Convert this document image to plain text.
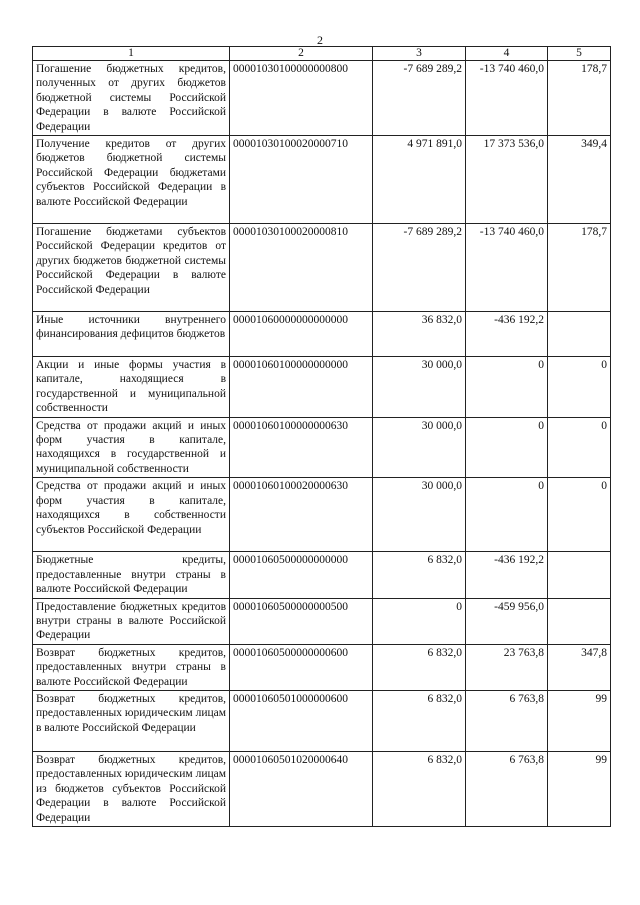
2
1	2	3	4	5
Погашение бюджетных кредитов, полученных от других бюджетов бюджетной системы Российской Федерации в валюте Российской Федерации	00001030100000000800	-7 689 289,2	-13 740 460,0	178,7
Получение кредитов от других бюджетов бюджетной системы Российской Федерации бюджетами субъектов Российской Федерации в валюте Российской Федерации	00001030100020000710	4 971 891,0	17 373 536,0	349,4
Погашение бюджетами субъектов Российской Федерации кредитов от других бюджетов бюджетной системы Российской Федерации в валюте Российской Федерации	00001030100020000810	-7 689 289,2	-13 740 460,0	178,7
Иные источники внутреннего финансирования дефицитов бюджетов	00001060000000000000	36 832,0	-436 192,2	
Акции и иные формы участия в капитале, находящиеся в государственной и муниципальной собственности	00001060100000000000	30 000,0	0	0
Средства от продажи акций и иных форм участия в капитале, находящихся в государственной и муниципальной собственности	00001060100000000630	30 000,0	0	0
Средства от продажи акций и иных форм участия в капитале, находящихся в собственности субъектов Российской Федерации	00001060100020000630	30 000,0	0	0
Бюджетные кредиты, предоставленные внутри страны в валюте Российской Федерации	00001060500000000000	6 832,0	-436 192,2	
Предоставление бюджетных кредитов внутри страны в валюте Российской Федерации	00001060500000000500	0	-459 956,0	
Возврат бюджетных кредитов, предоставленных внутри страны в валюте Российской Федерации	00001060500000000600	6 832,0	23 763,8	347,8
Возврат бюджетных кредитов, предоставленных юридическим лицам в валюте Российской Федерации	00001060501000000600	6 832,0	6 763,8	99
Возврат бюджетных кредитов, предоставленных юридическим лицам из бюджетов субъектов Российской Федерации в валюте Российской Федерации	00001060501020000640	6 832,0	6 763,8	99
